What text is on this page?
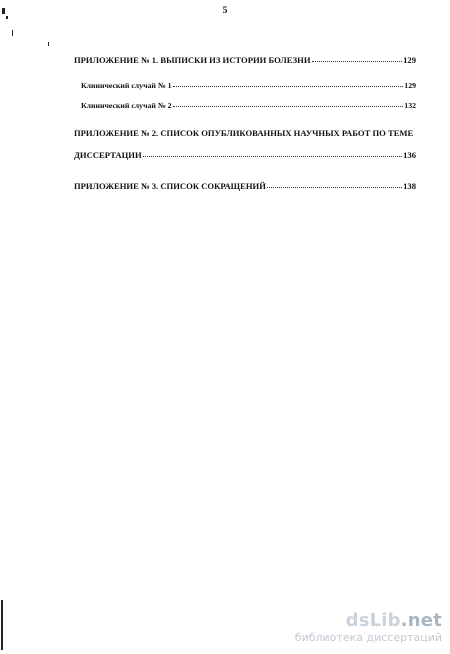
5
ПРИЛОЖЕНИЕ № 1. ВЫПИСКИ ИЗ ИСТОРИИ БОЛЕЗНИ	129
Клинический случай № 1	129
Клинический случай № 2	132
ПРИЛОЖЕНИЕ № 2. СПИСОК ОПУБЛИКОВАННЫХ НАУЧНЫХ РАБОТ ПО ТЕМЕ
ДИССЕРТАЦИИ	136
ПРИЛОЖЕНИЕ № 3. СПИСОК СОКРАЩЕНИЙ	138
dsLib.net
библиотека диссертаций
